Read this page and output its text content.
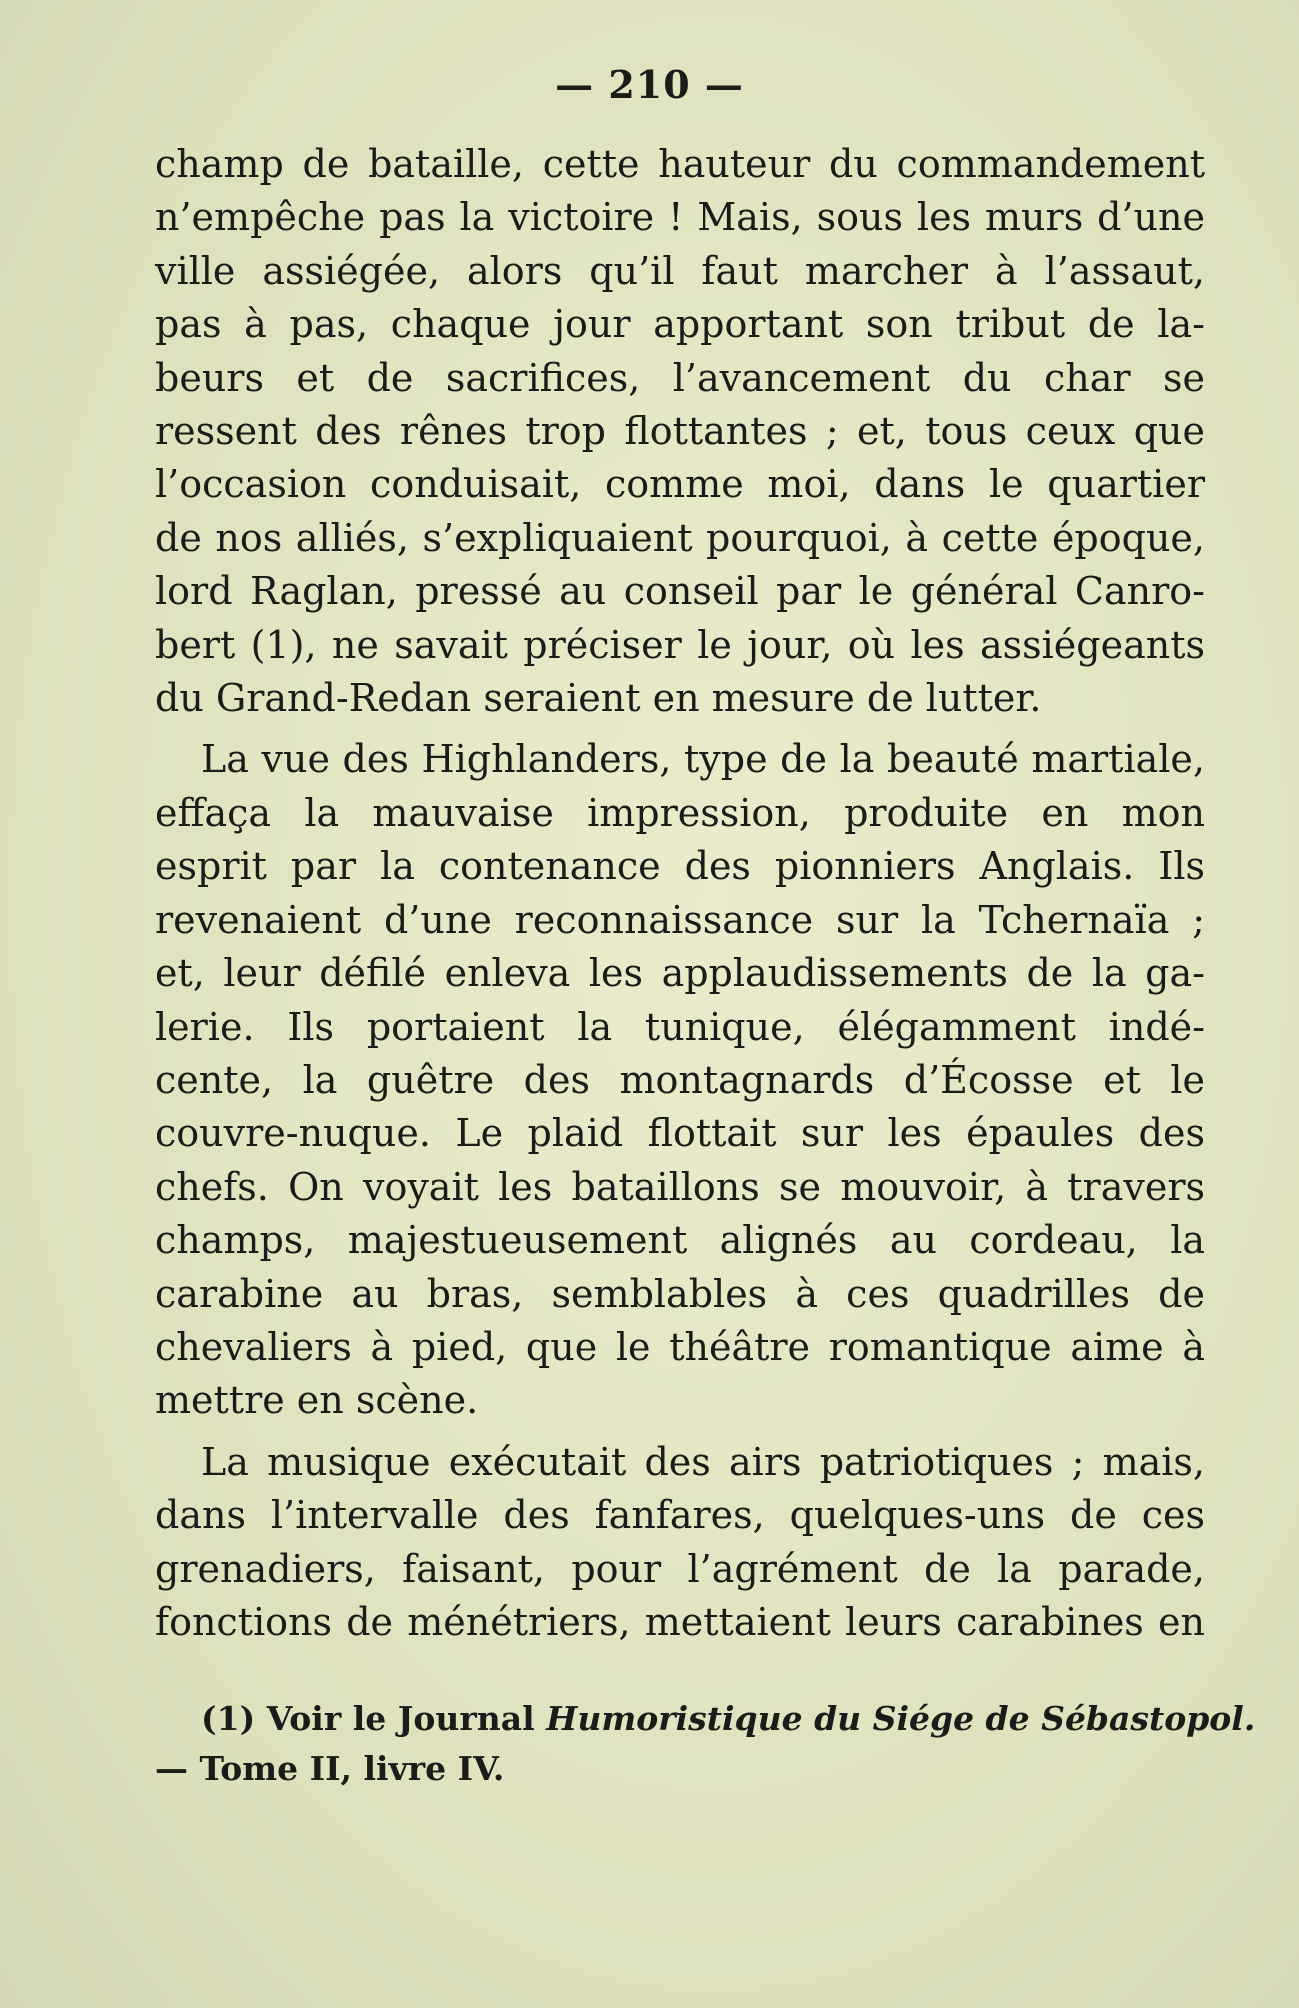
— 210 —
champ de bataille, cette hauteur du commandement
n’empêche pas la victoire ! Mais, sous les murs d’une
ville assiégée, alors qu’il faut marcher à l’assaut,
pas à pas, chaque jour apportant son tribut de la-
beurs et de sacrifices, l’avancement du char se
ressent des rênes trop flottantes ; et, tous ceux que
l’occasion conduisait, comme moi, dans le quartier
de nos alliés, s’expliquaient pourquoi, à cette époque,
lord Raglan, pressé au conseil par le général Canro-
bert (1), ne savait préciser le jour, où les assiégeants
du Grand-Redan seraient en mesure de lutter.
La vue des Highlanders, type de la beauté martiale,
effaça la mauvaise impression, produite en mon
esprit par la contenance des pionniers Anglais. Ils
revenaient d’une reconnaissance sur la Tchernaïa ;
et, leur défilé enleva les applaudissements de la ga-
lerie. Ils portaient la tunique, élégamment indé-
cente, la guêtre des montagnards d’Écosse et le
couvre-nuque. Le plaid flottait sur les épaules des
chefs. On voyait les bataillons se mouvoir, à travers
champs, majestueusement alignés au cordeau, la
carabine au bras, semblables à ces quadrilles de
chevaliers à pied, que le théâtre romantique aime à
mettre en scène.
La musique exécutait des airs patriotiques ; mais,
dans l’intervalle des fanfares, quelques-uns de ces
grenadiers, faisant, pour l’agrément de la parade,
fonctions de ménétriers, mettaient leurs carabines en
(1) Voir le Journal Humoristique du Siége de Sébastopol.
— Tome II, livre IV.
